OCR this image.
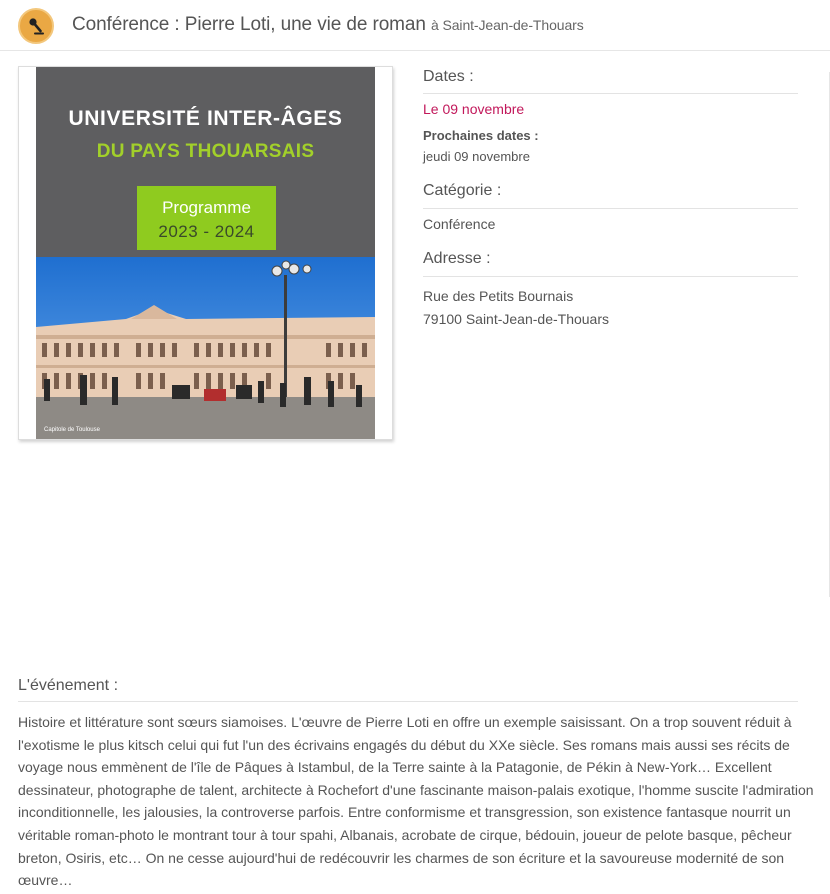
Conférence : Pierre Loti, une vie de roman à Saint-Jean-de-Thouars
UNIVERSITÉ INTER-ÂGES
DU PAYS THOUARSAIS
Programme
2023 - 2024
Capitole de Toulouse
Dates :
Le 09 novembre
Prochaines dates :
jeudi 09 novembre
Catégorie :
Conférence
Adresse :
Rue des Petits Bournais
79100 Saint-Jean-de-Thouars
L'événement :
Histoire et littérature sont sœurs siamoises. L'œuvre de Pierre Loti en offre un exemple saisissant. On a trop souvent réduit à l'exotisme le plus kitsch celui qui fut l'un des écrivains engagés du début du XXe siècle. Ses romans mais aussi ses récits de voyage nous emmènent de l'île de Pâques à Istambul, de la Terre sainte à la Patagonie, de Pékin à New-York… Excellent dessinateur, photographe de talent, architecte à Rochefort d'une fascinante maison-palais exotique, l'homme suscite l'admiration inconditionnelle, les jalousies, la controverse parfois. Entre conformisme et transgression, son existence fantasque nourrit un véritable roman-photo le montrant tour à tour spahi, Albanais, acrobate de cirque, bédouin, joueur de pelote basque, pêcheur breton, Osiris, etc… On ne cesse aujourd'hui de redécouvrir les charmes de son écriture et la savoureuse modernité de son œuvre…
